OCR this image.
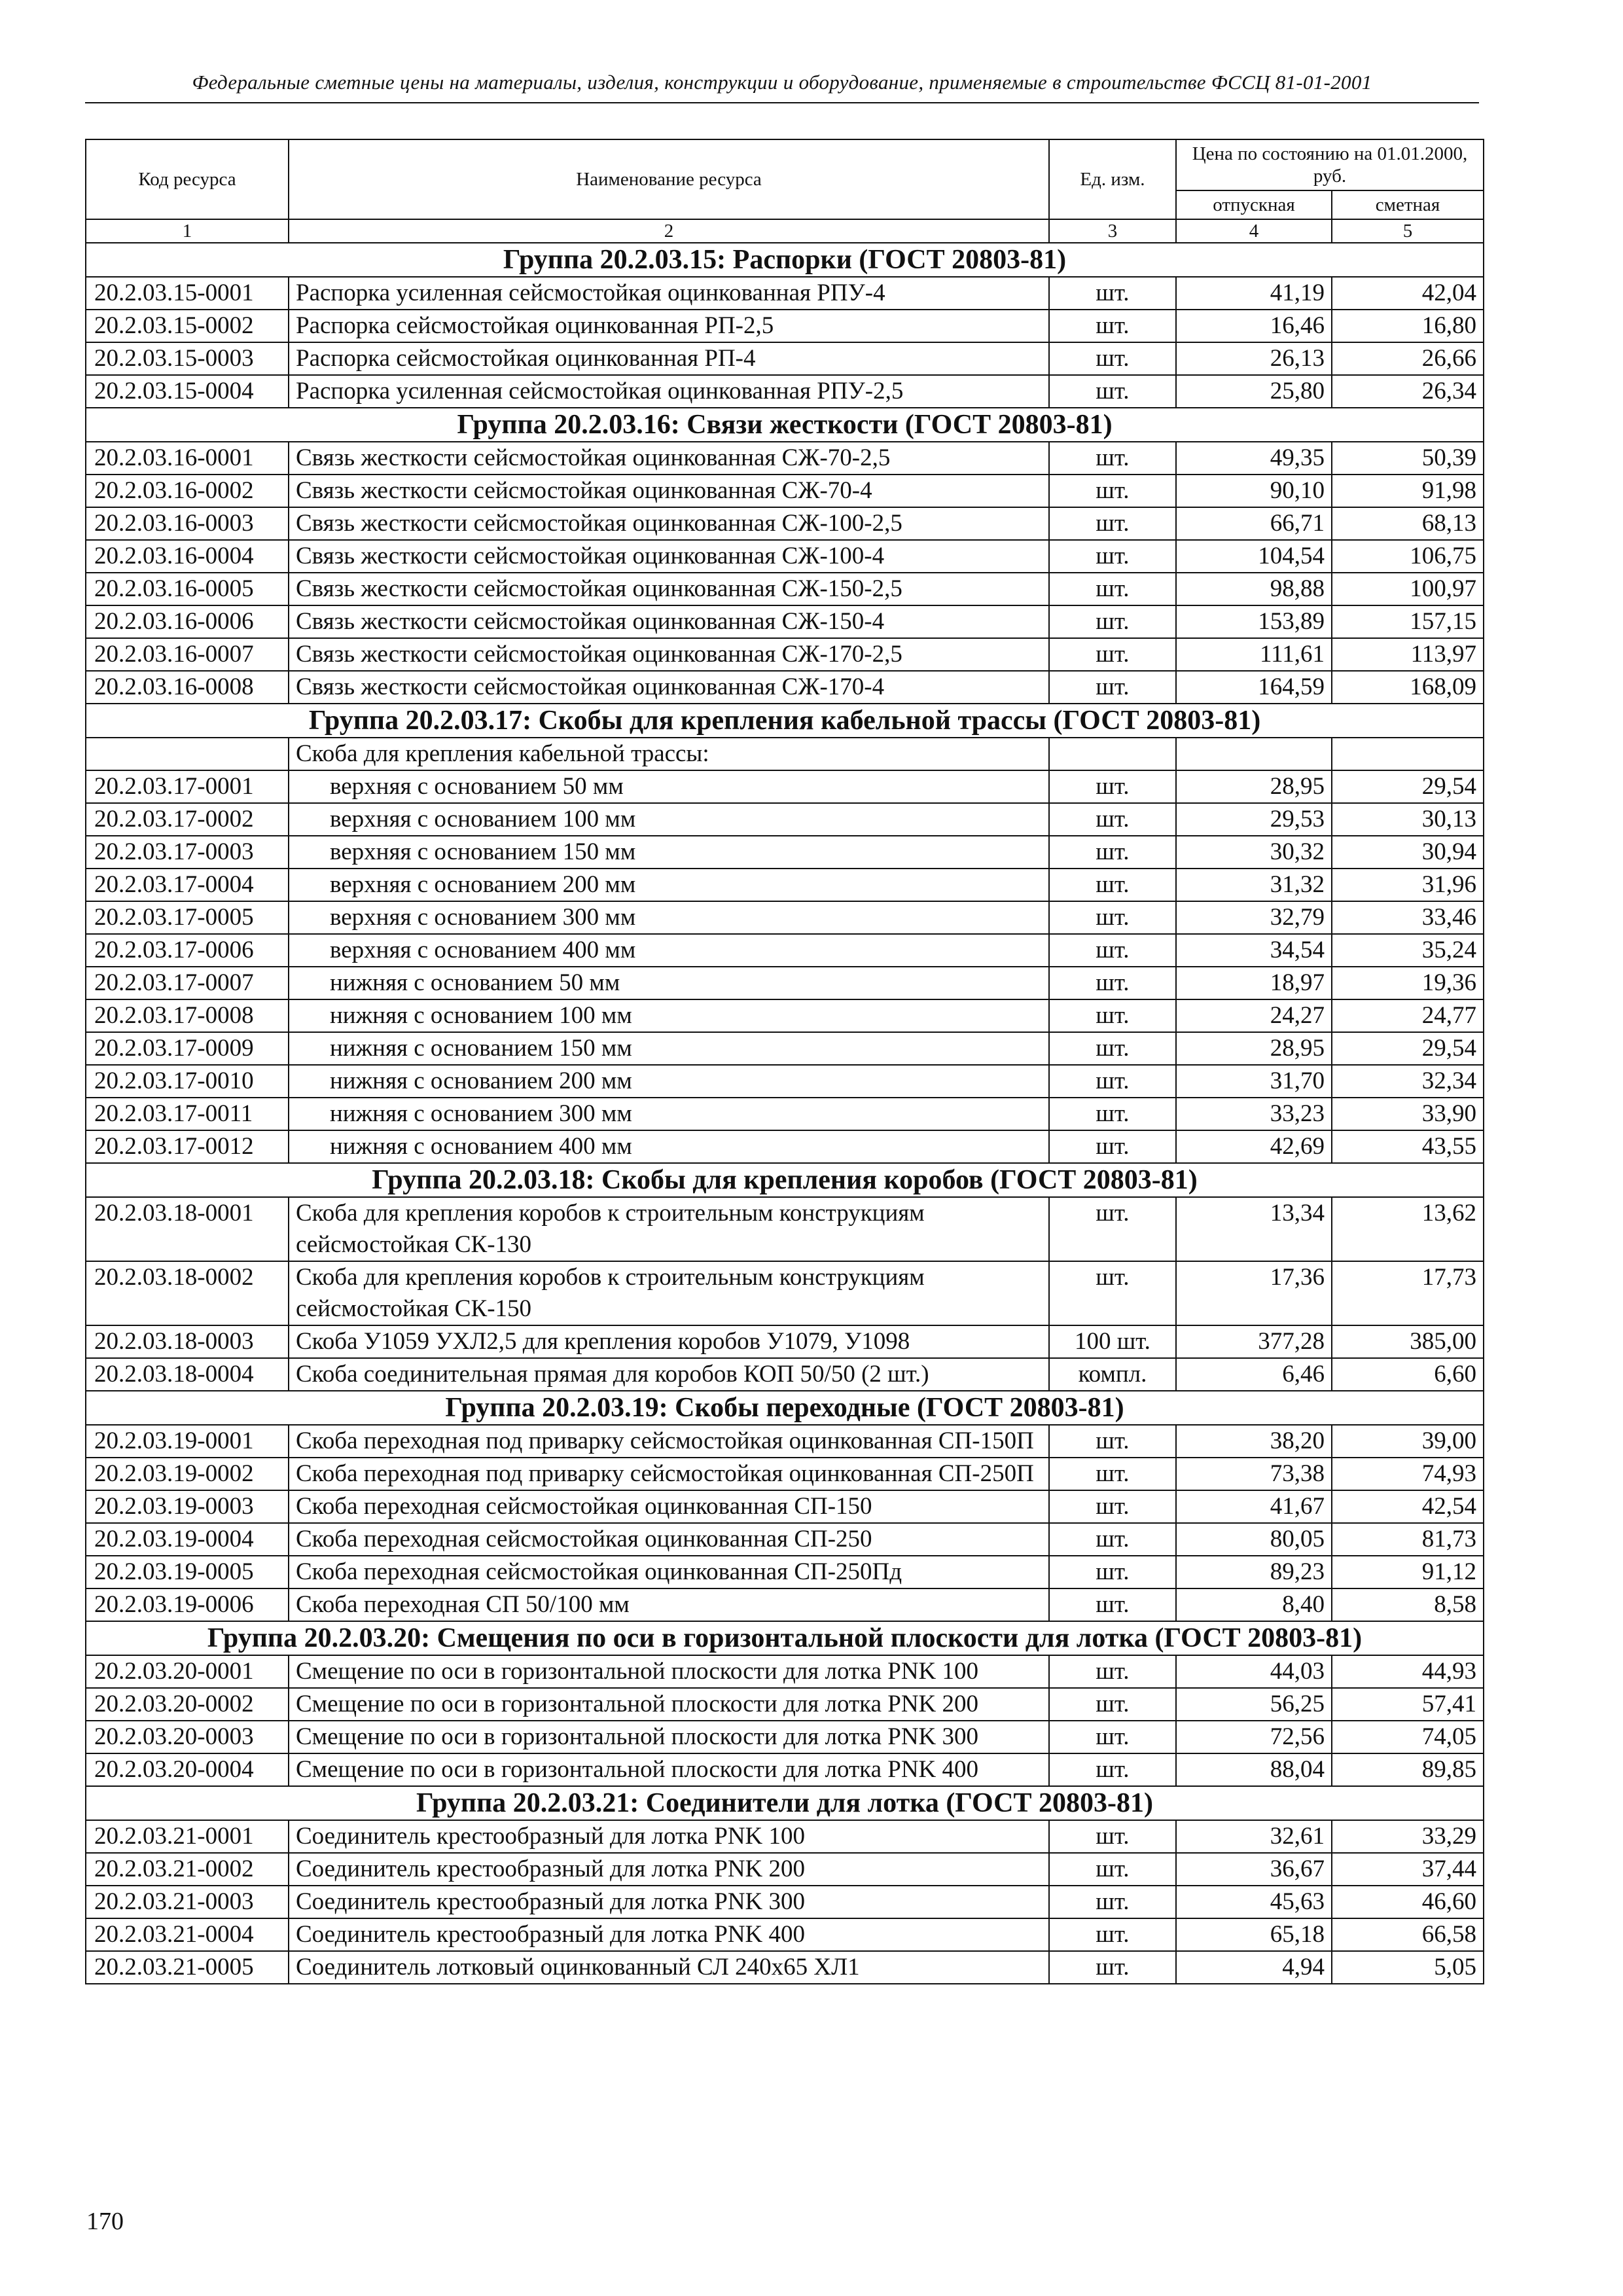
Федеральные сметные цены на материалы, изделия, конструкции и оборудование, применяемые в строительстве ФССЦ 81-01-2001
Код ресурса	Наименование ресурса	Ед. изм.	Цена по состоянию на 01.01.2000, руб.	
			отпускная	сметная
1	2	3	4	5
Группа 20.2.03.15: Распорки (ГОСТ 20803-81)				
20.2.03.15-0001	Распорка усиленная сейсмостойкая оцинкованная РПУ-4	шт.	41,19	42,04
20.2.03.15-0002	Распорка сейсмостойкая оцинкованная РП-2,5	шт.	16,46	16,80
20.2.03.15-0003	Распорка сейсмостойкая оцинкованная РП-4	шт.	26,13	26,66
20.2.03.15-0004	Распорка усиленная сейсмостойкая оцинкованная РПУ-2,5	шт.	25,80	26,34
Группа 20.2.03.16: Связи жесткости (ГОСТ 20803-81)				
20.2.03.16-0001	Связь жесткости сейсмостойкая оцинкованная СЖ-70-2,5	шт.	49,35	50,39
20.2.03.16-0002	Связь жесткости сейсмостойкая оцинкованная СЖ-70-4	шт.	90,10	91,98
20.2.03.16-0003	Связь жесткости сейсмостойкая оцинкованная СЖ-100-2,5	шт.	66,71	68,13
20.2.03.16-0004	Связь жесткости сейсмостойкая оцинкованная СЖ-100-4	шт.	104,54	106,75
20.2.03.16-0005	Связь жесткости сейсмостойкая оцинкованная СЖ-150-2,5	шт.	98,88	100,97
20.2.03.16-0006	Связь жесткости сейсмостойкая оцинкованная СЖ-150-4	шт.	153,89	157,15
20.2.03.16-0007	Связь жесткости сейсмостойкая оцинкованная СЖ-170-2,5	шт.	111,61	113,97
20.2.03.16-0008	Связь жесткости сейсмостойкая оцинкованная СЖ-170-4	шт.	164,59	168,09
Группа 20.2.03.17: Скобы для крепления кабельной трассы (ГОСТ 20803-81)				
	Скоба для крепления кабельной трассы:			
20.2.03.17-0001	верхняя с основанием 50 мм	шт.	28,95	29,54
20.2.03.17-0002	верхняя с основанием 100 мм	шт.	29,53	30,13
20.2.03.17-0003	верхняя с основанием 150 мм	шт.	30,32	30,94
20.2.03.17-0004	верхняя с основанием 200 мм	шт.	31,32	31,96
20.2.03.17-0005	верхняя с основанием 300 мм	шт.	32,79	33,46
20.2.03.17-0006	верхняя с основанием 400 мм	шт.	34,54	35,24
20.2.03.17-0007	нижняя с основанием 50 мм	шт.	18,97	19,36
20.2.03.17-0008	нижняя с основанием 100 мм	шт.	24,27	24,77
20.2.03.17-0009	нижняя с основанием 150 мм	шт.	28,95	29,54
20.2.03.17-0010	нижняя с основанием 200 мм	шт.	31,70	32,34
20.2.03.17-0011	нижняя с основанием 300 мм	шт.	33,23	33,90
20.2.03.17-0012	нижняя с основанием 400 мм	шт.	42,69	43,55
Группа 20.2.03.18: Скобы для крепления коробов (ГОСТ 20803-81)				
20.2.03.18-0001	Скоба для крепления коробов к строительным конструкциям сейсмостойкая СК-130	шт.	13,34	13,62
20.2.03.18-0002	Скоба для крепления коробов к строительным конструкциям сейсмостойкая СК-150	шт.	17,36	17,73
20.2.03.18-0003	Скоба У1059 УХЛ2,5 для крепления коробов У1079, У1098	100 шт.	377,28	385,00
20.2.03.18-0004	Скоба соединительная прямая для коробов КОП 50/50 (2 шт.)	компл.	6,46	6,60
Группа 20.2.03.19: Скобы переходные (ГОСТ 20803-81)				
20.2.03.19-0001	Скоба переходная под приварку сейсмостойкая оцинкованная СП-150П	шт.	38,20	39,00
20.2.03.19-0002	Скоба переходная под приварку сейсмостойкая оцинкованная СП-250П	шт.	73,38	74,93
20.2.03.19-0003	Скоба переходная сейсмостойкая оцинкованная СП-150	шт.	41,67	42,54
20.2.03.19-0004	Скоба переходная сейсмостойкая оцинкованная СП-250	шт.	80,05	81,73
20.2.03.19-0005	Скоба переходная сейсмостойкая оцинкованная СП-250Пд	шт.	89,23	91,12
20.2.03.19-0006	Скоба переходная СП 50/100 мм	шт.	8,40	8,58
Группа 20.2.03.20: Смещения по оси в горизонтальной плоскости для лотка (ГОСТ 20803-81)				
20.2.03.20-0001	Смещение по оси в горизонтальной плоскости для лотка PNK 100	шт.	44,03	44,93
20.2.03.20-0002	Смещение по оси в горизонтальной плоскости для лотка PNK 200	шт.	56,25	57,41
20.2.03.20-0003	Смещение по оси в горизонтальной плоскости для лотка PNK 300	шт.	72,56	74,05
20.2.03.20-0004	Смещение по оси в горизонтальной плоскости для лотка PNK 400	шт.	88,04	89,85
Группа 20.2.03.21: Соединители для лотка (ГОСТ 20803-81)				
20.2.03.21-0001	Соединитель крестообразный для лотка PNK 100	шт.	32,61	33,29
20.2.03.21-0002	Соединитель крестообразный для лотка PNK 200	шт.	36,67	37,44
20.2.03.21-0003	Соединитель крестообразный для лотка PNK 300	шт.	45,63	46,60
20.2.03.21-0004	Соединитель крестообразный для лотка PNK 400	шт.	65,18	66,58
20.2.03.21-0005	Соединитель лотковый оцинкованный СЛ 240х65 ХЛ1	шт.	4,94	5,05
170
